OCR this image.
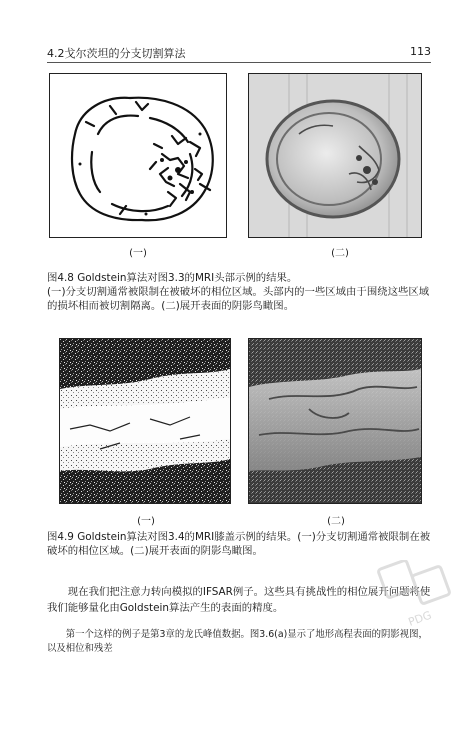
4.2戈尔茨坦的分支切割算法	113
(一)	(二)

图4.8 Goldstein算法对图3.3的MRI头部示例的结果。

(一)分支切割通常被限制在被破坏的相位区域。头部内的一些区域由于围绕这些区域的损坏相而被切割隔离。(二)展开表面的阴影鸟瞰图。

(一)	(二)

图4.9 Goldstein算法对图3.4的MRI膝盖示例的结果。(一)分支切割通常被限制在被破坏的相位区域。(二)展开表面的阴影鸟瞰图。

现在我们把注意力转向模拟的IFSAR例子。这些具有挑战性的相位展开问题将使我们能够量化由Goldstein算法产生的表面的精度。

第一个这样的例子是第3章的龙氏峰值数据。图3.6(a)显示了地形高程表面的阴影视图，以及相位和残差

PDG
